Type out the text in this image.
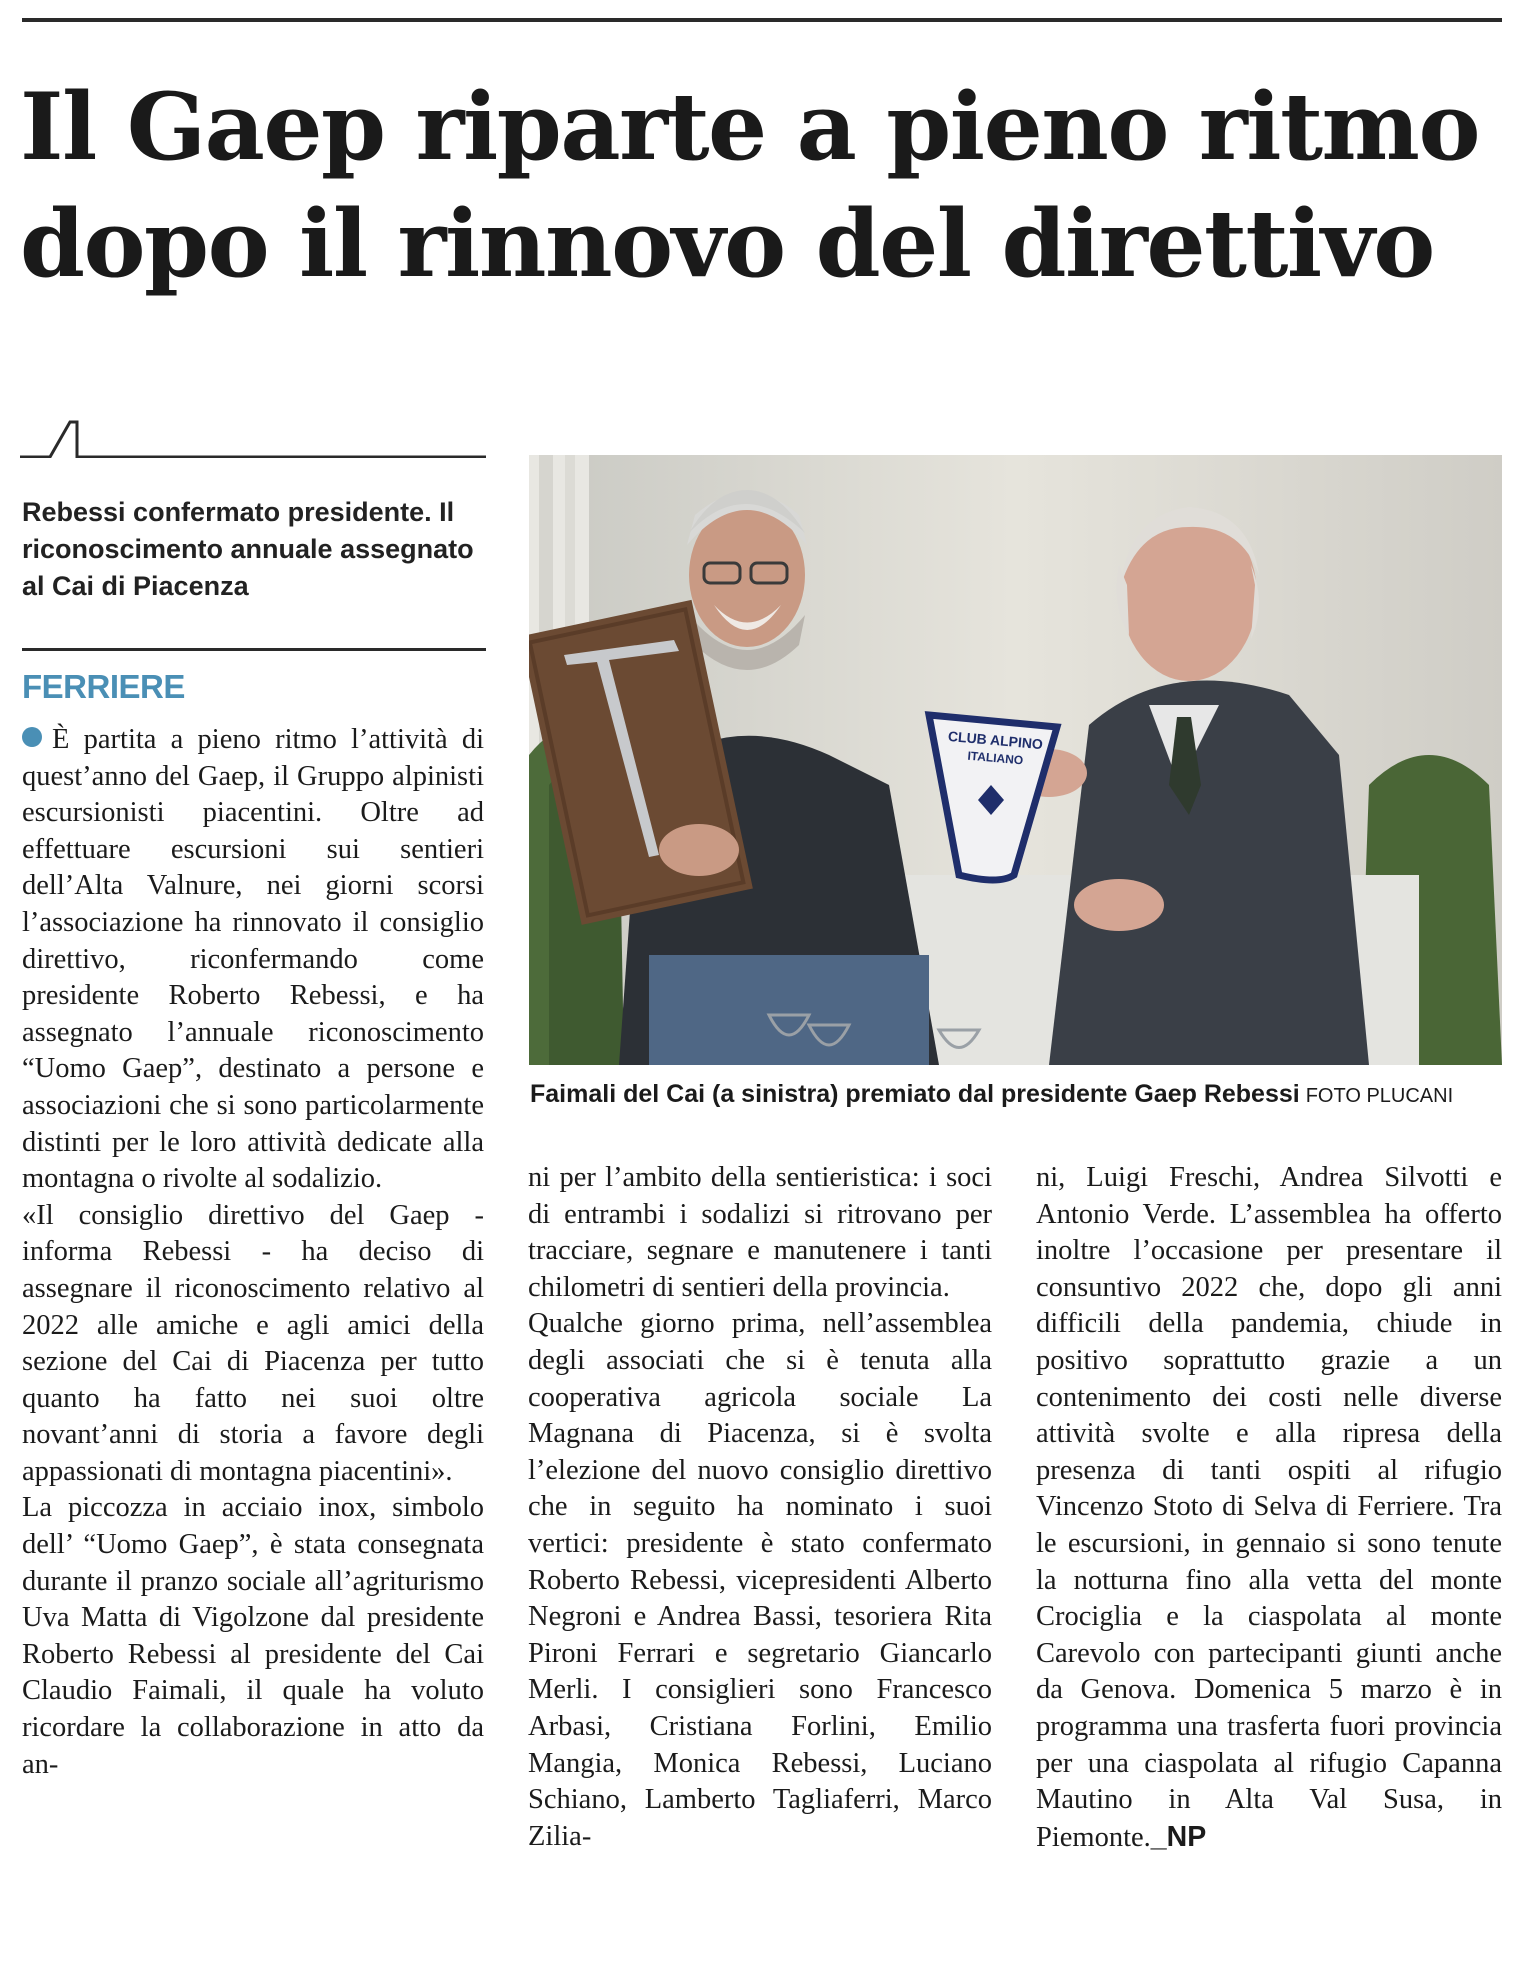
Il Gaep riparte a pieno ritmo dopo il rinnovo del direttivo

Rebessi confermato presidente. Il riconoscimento annuale assegnato al Cai di Piacenza

FERRIERE

È partita a pieno ritmo l’attività di quest’anno del Gaep, il Gruppo alpinisti escursionisti piacentini. Oltre ad effettuare escursioni sui sentieri dell’Alta Valnure, nei giorni scorsi l’associazione ha rinnovato il consiglio direttivo, riconfermando come presidente Roberto Rebessi, e ha assegnato l’annuale riconoscimento “Uomo Gaep”, destinato a persone e associazioni che si sono particolarmente distinti per le loro attività dedicate alla montagna o rivolte al sodalizio.

«Il consiglio direttivo del Gaep - informa Rebessi - ha deciso di assegnare il riconoscimento relativo al 2022 alle amiche e agli amici della sezione del Cai di Piacenza per tutto quanto ha fatto nei suoi oltre novant’anni di storia a favore degli appassionati di montagna piacentini».

La piccozza in acciaio inox, simbolo dell’ “Uomo Gaep”, è stata consegnata durante il pranzo sociale all’agriturismo Uva Matta di Vigolzone dal presidente Roberto Rebessi al presidente del Cai Claudio Faimali, il quale ha voluto ricordare la collaborazione in atto da an-

CLUB ALPINO
ITALIANO
Faimali del Cai (a sinistra) premiato dal presidente Gaep Rebessi FOTO PLUCANI

ni per l’ambito della sentieristica: i soci di entrambi i sodalizi si ritrovano per tracciare, segnare e manutenere i tanti chilometri di sentieri della provincia.

Qualche giorno prima, nell’assemblea degli associati che si è tenuta alla cooperativa agricola sociale La Magnana di Piacenza, si è svolta l’elezione del nuovo consiglio direttivo che in seguito ha nominato i suoi vertici: presidente è stato confermato Roberto Rebessi, vicepresidenti Alberto Negroni e Andrea Bassi, tesoriera Rita Pironi Ferrari e segretario Giancarlo Merli. I consiglieri sono Francesco Arbasi, Cristiana Forlini, Emilio Mangia, Monica Rebessi, Luciano Schiano, Lamberto Tagliaferri, Marco Zilia-

ni, Luigi Freschi, Andrea Silvotti e Antonio Verde. L’assemblea ha offerto inoltre l’occasione per presentare il consuntivo 2022 che, dopo gli anni difficili della pandemia, chiude in positivo soprattutto grazie a un contenimento dei costi nelle diverse attività svolte e alla ripresa della presenza di tanti ospiti al rifugio Vincenzo Stoto di Selva di Ferriere. Tra le escursioni, in gennaio si sono tenute la notturna fino alla vetta del monte Crociglia e la ciaspolata al monte Carevolo con partecipanti giunti anche da Genova. Domenica 5 marzo è in programma una trasferta fuori provincia per una ciaspolata al rifugio Capanna Mautino in Alta Val Susa, in Piemonte._NP
